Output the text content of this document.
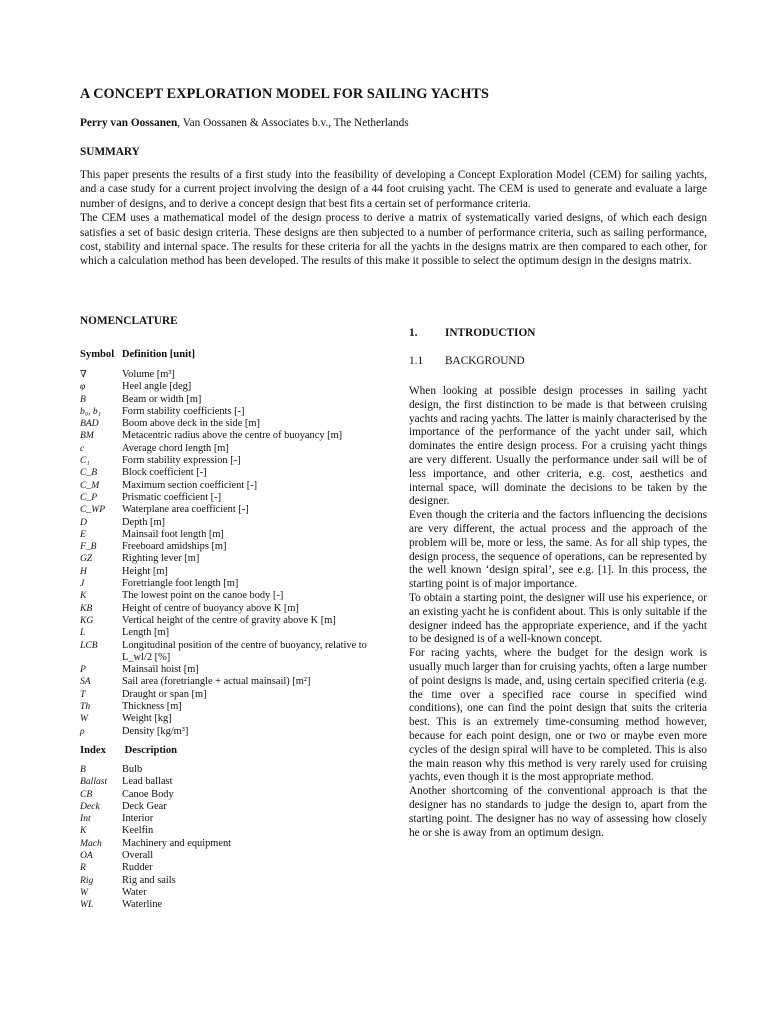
A CONCEPT EXPLORATION MODEL FOR SAILING YACHTS
Perry van Oossanen, Van Oossanen & Associates b.v., The Netherlands
SUMMARY

This paper presents the results of a first study into the feasibility of developing a Concept Exploration Model (CEM) for sailing yachts, and a case study for a current project involving the design of a 44 foot cruising yacht. The CEM is used to generate and evaluate a large number of designs, and to derive a concept design that best fits a certain set of performance criteria.

The CEM uses a mathematical model of the design process to derive a matrix of systematically varied designs, of which each design satisfies a set of basic design criteria. These designs are then subjected to a number of performance criteria, such as sailing performance, cost, stability and internal space. The results for these criteria for all the yachts in the designs matrix are then compared to each other, for which a calculation method has been developed. The results of this make it possible to select the optimum design in the designs matrix.

NOMENCLATURE
Symbol Definition [unit]
∇	Volume [m³]
φ	Heel angle [deg]
B	Beam or width [m]
b₀, b₁	Form stability coefficients [-]
BAD	Boom above deck in the side [m]
BM	Metacentric radius above the centre of buoyancy [m]
c	Average chord length [m]
C₁	Form stability expression [-]
C_B	Block coefficient [-]
C_M	Maximum section coefficient [-]
C_P	Prismatic coefficient [-]
C_WP	Waterplane area coefficient [-]
D	Depth [m]
E	Mainsail foot length [m]
F_B	Freeboard amidships [m]
GZ	Righting lever [m]
H	Height [m]
J	Foretriangle foot length [m]
K	The lowest point on the canoe body [-]
KB	Height of centre of buoyancy above K [m]
KG	Vertical height of the centre of gravity above K [m]
L	Length [m]
LCB	Longitudinal position of the centre of buoyancy, relative to L_wl/2 [%]
P	Mainsail hoist [m]
SA	Sail area (foretriangle + actual mainsail) [m²]
T	Draught or span [m]
Th	Thickness [m]
W	Weight [kg]
ρ	Density [kg/m³]
Index Description
B	Bulb
Ballast	Lead ballast
CB	Canoe Body
Deck	Deck Gear
Int	Interior
K	Keelfin
Mach	Machinery and equipment
OA	Overall
R	Rudder
Rig	Rig and sails
W	Water
WL	Waterline
1.	INTRODUCTION
1.1	BACKGROUND

When looking at possible design processes in sailing yacht design, the first distinction to be made is that between cruising yachts and racing yachts. The latter is mainly characterised by the importance of the performance of the yacht under sail, which dominates the entire design process. For a cruising yacht things are very different. Usually the performance under sail will be of less importance, and other criteria, e.g. cost, aesthetics and internal space, will dominate the decisions to be taken by the designer.

Even though the criteria and the factors influencing the decisions are very different, the actual process and the approach of the problem will be, more or less, the same. As for all ship types, the design process, the sequence of operations, can be represented by the well known ‘design spiral’, see e.g. [1]. In this process, the starting point is of major importance.

To obtain a starting point, the designer will use his experience, or an existing yacht he is confident about. This is only suitable if the designer indeed has the appropriate experience, and if the yacht to be designed is of a well-known concept.

For racing yachts, where the budget for the design work is usually much larger than for cruising yachts, often a large number of point designs is made, and, using certain specified criteria (e.g. the time over a specified race course in specified wind conditions), one can find the point design that suits the criteria best. This is an extremely time-consuming method however, because for each point design, one or two or maybe even more cycles of the design spiral will have to be completed. This is also the main reason why this method is very rarely used for cruising yachts, even though it is the most appropriate method.

Another shortcoming of the conventional approach is that the designer has no standards to judge the design to, apart from the starting point. The designer has no way of assessing how closely he or she is away from an optimum design.
